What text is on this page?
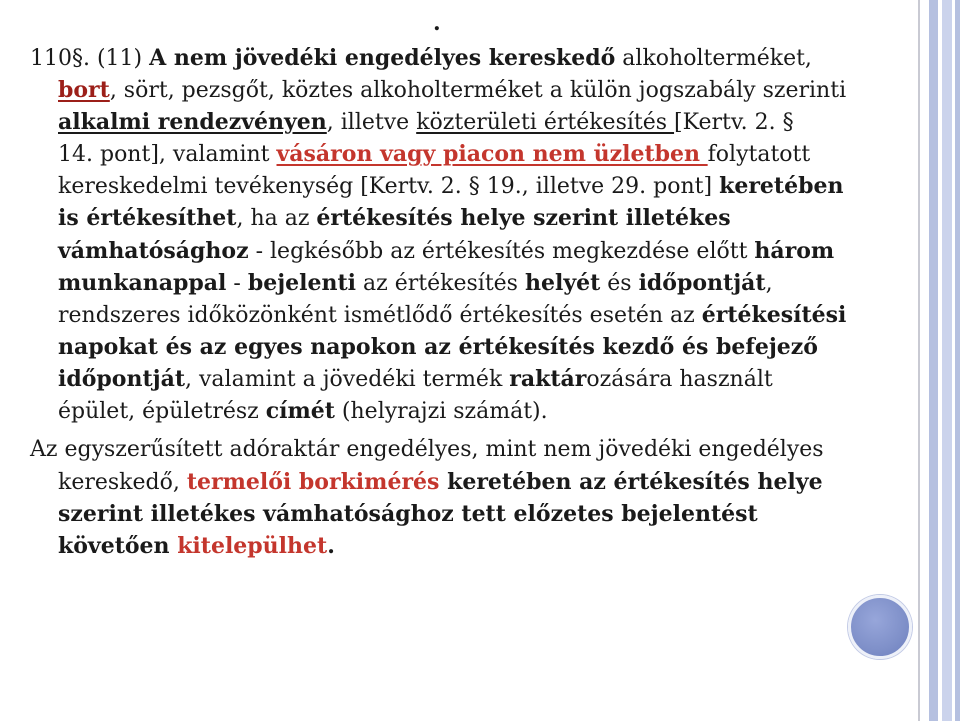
.
110§. (11) A nem jövedéki engedélyes kereskedő alkoholterméket,
bort, sört, pezsgőt, köztes alkoholterméket a külön jogszabály szerinti
alkalmi rendezvényen, illetve közterületi értékesítés [Kertv. 2. §
14. pont], valamint vásáron vagy piacon nem üzletben folytatott
kereskedelmi tevékenység [Kertv. 2. § 19., illetve 29. pont] keretében
is értékesíthet, ha az értékesítés helye szerint illetékes
vámhatósághoz - legkésőbb az értékesítés megkezdése előtt három
munkanappal - bejelenti az értékesítés helyét és időpontját,
rendszeres időközönként ismétlődő értékesítés esetén az értékesítési
napokat és az egyes napokon az értékesítés kezdő és befejező
időpontját, valamint a jövedéki termék raktározására használt
épület, épületrész címét (helyrajzi számát).
Az egyszerűsített adóraktár engedélyes, mint nem jövedéki engedélyes
kereskedő, termelői borkimérés keretében az értékesítés helye
szerint illetékes vámhatósághoz tett előzetes bejelentést
követően kitelepülhet.
